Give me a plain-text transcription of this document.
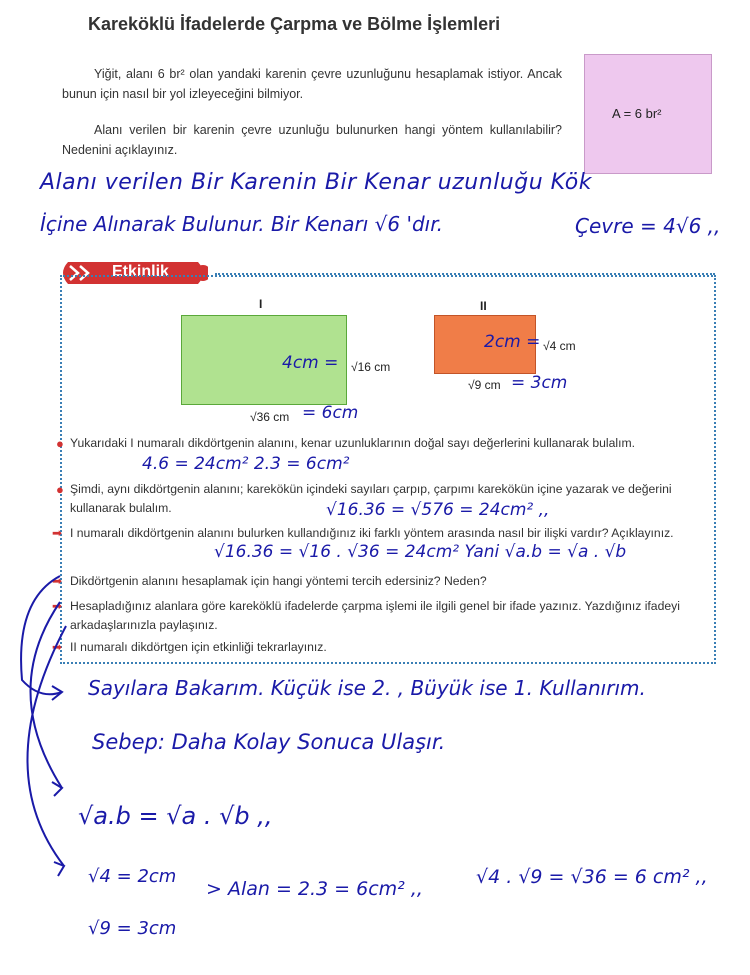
Kareköklü İfadelerde Çarpma ve Bölme İşlemleri
Yiğit, alanı 6 br² olan yandaki karenin çevre uzunluğunu hesaplamak istiyor. Ancak bunun için nasıl bir yol izleyeceğini bilmiyor.
Alanı verilen bir karenin çevre uzunluğu bulunurken hangi yöntem kullanılabilir? Nedenini açıklayınız.
A = 6 br²
Alanı verilen Bir Karenin Bir Kenar uzunluğu Kök
İçine Alınarak Bulunur. Bir Kenarı √6 'dır.	Çevre = 4√6 ,,
Etkinlik
I
√16 cm
√36 cm
4cm =
= 6cm
II
√4 cm
√9 cm
2cm =
= 3cm
● Yukarıdaki I numaralı dikdörtgenin alanını, kenar uzunluklarının doğal sayı değerlerini kullanarak bulalım.
4.6 = 24cm² 2.3 = 6cm²
● Şimdi, aynı dikdörtgenin alanını; karekökün içindeki sayıları çarpıp, çarpımı karekökün içine yazarak ve değerini kullanarak bulalım.	√16.36 = √576 = 24cm² ,,
➡ I numaralı dikdörtgenin alanını bulurken kullandığınız iki farklı yöntem arasında nasıl bir ilişki vardır? Açıklayınız.
√16.36 = √16 . √36 = 24cm² Yani √a.b = √a . √b
➡ Dikdörtgenin alanını hesaplamak için hangi yöntemi tercih edersiniz? Neden?
➡ Hesapladığınız alanlara göre kareköklü ifadelerde çarpma işlemi ile ilgili genel bir ifade yazınız. Yazdığınız ifadeyi arkadaşlarınızla paylaşınız.
➡ II numaralı dikdörtgen için etkinliği tekrarlayınız.
Sayılara Bakarım. Küçük ise 2. , Büyük ise 1. Kullanırım.
Sebep: Daha Kolay Sonuca Ulaşır.
√a.b = √a . √b ,,
√4 = 2cm
√9 = 3cm
> Alan = 2.3 = 6cm² ,,
√4 . √9 = √36 = 6 cm² ,,
